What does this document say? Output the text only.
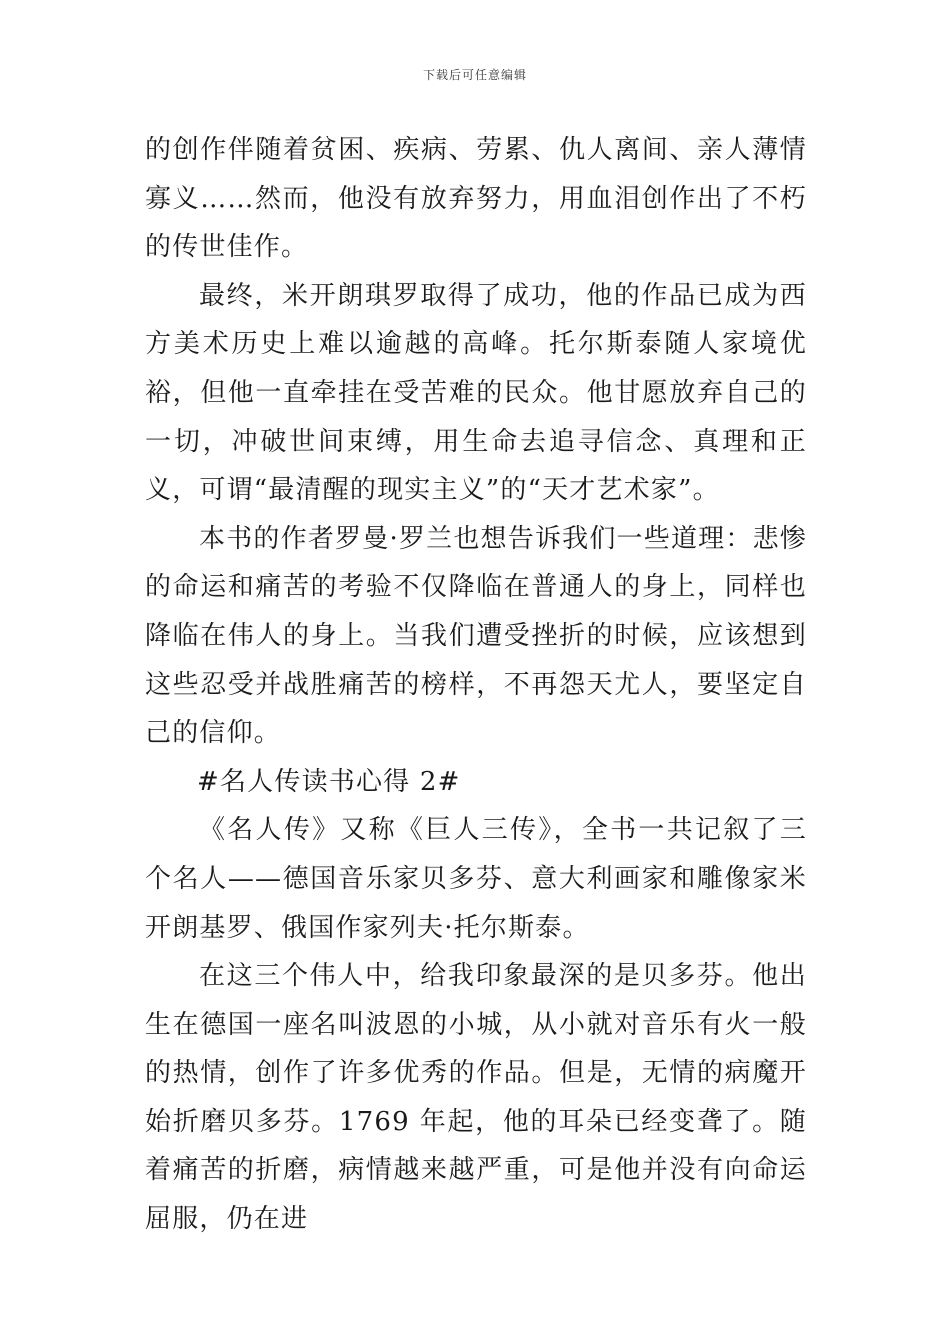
下载后可任意编辑

的创作伴随着贫困、疾病、劳累、仇人离间、亲人薄情寡义……然而，他没有放弃努力，用血泪创作出了不朽的传世佳作。

最终，米开朗琪罗取得了成功，他的作品已成为西方美术历史上难以逾越的高峰。托尔斯泰随人家境优裕，但他一直牵挂在受苦难的民众。他甘愿放弃自己的一切，冲破世间束缚，用生命去追寻信念、真理和正义，可谓“最清醒的现实主义”的“天才艺术家”。

本书的作者罗曼·罗兰也想告诉我们一些道理：悲惨的命运和痛苦的考验不仅降临在普通人的身上，同样也降临在伟人的身上。当我们遭受挫折的时候，应该想到这些忍受并战胜痛苦的榜样，不再怨天尤人，要坚定自己的信仰。

#名人传读书心得 2#

《名人传》又称《巨人三传》，全书一共记叙了三个名人——德国音乐家贝多芬、意大利画家和雕像家米开朗基罗、俄国作家列夫·托尔斯泰。

在这三个伟人中，给我印象最深的是贝多芬。他出生在德国一座名叫波恩的小城，从小就对音乐有火一般的热情，创作了许多优秀的作品。但是，无情的病魔开始折磨贝多芬。1769 年起，他的耳朵已经变聋了。随着痛苦的折磨，病情越来越严重，可是他并没有向命运屈服，仍在进
